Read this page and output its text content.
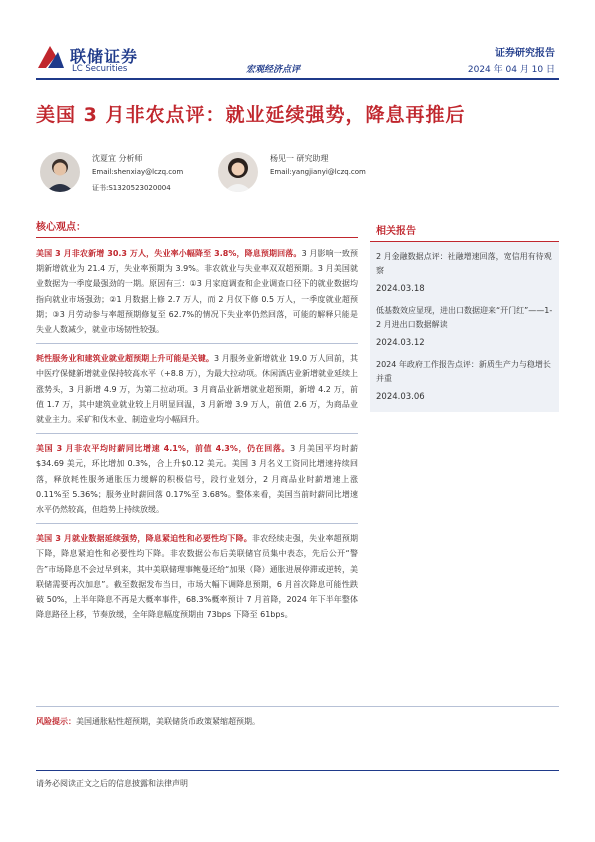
联储证券
LC Securities	宏观经济点评
证券研究报告
2024 年 04 月 10 日
美国 3 月非农点评：就业延续强势，降息再推后
沈夏宜 分析师
Email:shenxiay@lczq.com
证书:S1320523020004
杨见一 研究助理
Email:yangjianyi@lczq.com
核心观点：
美国 3 月非农新增 30.3 万人，失业率小幅降至 3.8%，降息预期回落。3 月影响一致预期新增就业为 21.4 万，失业率预期为 3.9%。非农就业与失业率双双超预期。3 月美国就业数据为一季度最强劲的一期。原因有三：①3 月家庭调查和企业调查口径下的就业数据均指向就业市场强劲；②1 月数据上修 2.7 万人，而 2 月仅下修 0.5 万人，一季度就业超预期；③3 月劳动参与率超预期修复至 62.7%的情况下失业率仍然回落，可能的解释只能是失业人数减少，就业市场韧性较强。
耗性服务业和建筑业就业超预期上升可能是关键。3 月服务业新增就业 19.0 万人回前，其中医疗保健新增就业保持较高水平（+8.8 万），为最大拉动项。休闲酒店业新增就业延续上涨势头，3 月新增 4.9 万，为第二拉动项。3 月商品业新增就业超预期，新增 4.2 万，前值 1.7 万，其中建筑业就业较上月明显回温，3 月新增 3.9 万人，前值 2.6 万，为商品业就业主力。采矿和伐木业、制造业均小幅回升。
美国 3 月非农平均时薪同比增速 4.1%，前值 4.3%，仍在回落。3 月美国平均时薪$34.69 美元，环比增加 0.3%，合上升$0.12 美元。美国 3 月名义工资同比增速持续回落，释放耗性服务通胀压力缓解的积极信号，段行业划分，2 月商品业时薪增速上涨 0.11%至 5.36%；服务业时薪回落 0.17%至 3.68%。整体来看，美国当前时薪同比增速水平仍然较高，但趋势上持续放缓。
美国 3 月就业数据延续强势，降息紧迫性和必要性均下降。非农经续走强，失业率超预期下降，降息紧迫性和必要性均下降。非农数据公布后美联储官员集中表态，先后公开“警告”市场降息不会过早到来，其中美联储理事鲍曼还给“加果（降）通胀进展停滞或逆转，美联储需要再次加息”。截至数据发布当日，市场大幅下调降息预期，6 月首次降息可能性跌破 50%，上半年降息不再是大概率事件，68.3%概率预计 7 月首降，2024 年下半年整体降息路径上移，节奏放缓，全年降息幅度预期由 73bps 下降至 61bps。
相关报告
2 月金融数据点评：社融增速回落，宽信用有待观察
2024.03.18
低基数效应显现，进出口数据迎来“开门红”——1-2 月进出口数据解读
2024.03.12
2024 年政府工作报告点评：新质生产力与稳增长并重
2024.03.06
风险提示：美国通胀粘性超预期，美联储货币政策紧缩超预期。
请务必阅读正文之后的信息披露和法律声明
